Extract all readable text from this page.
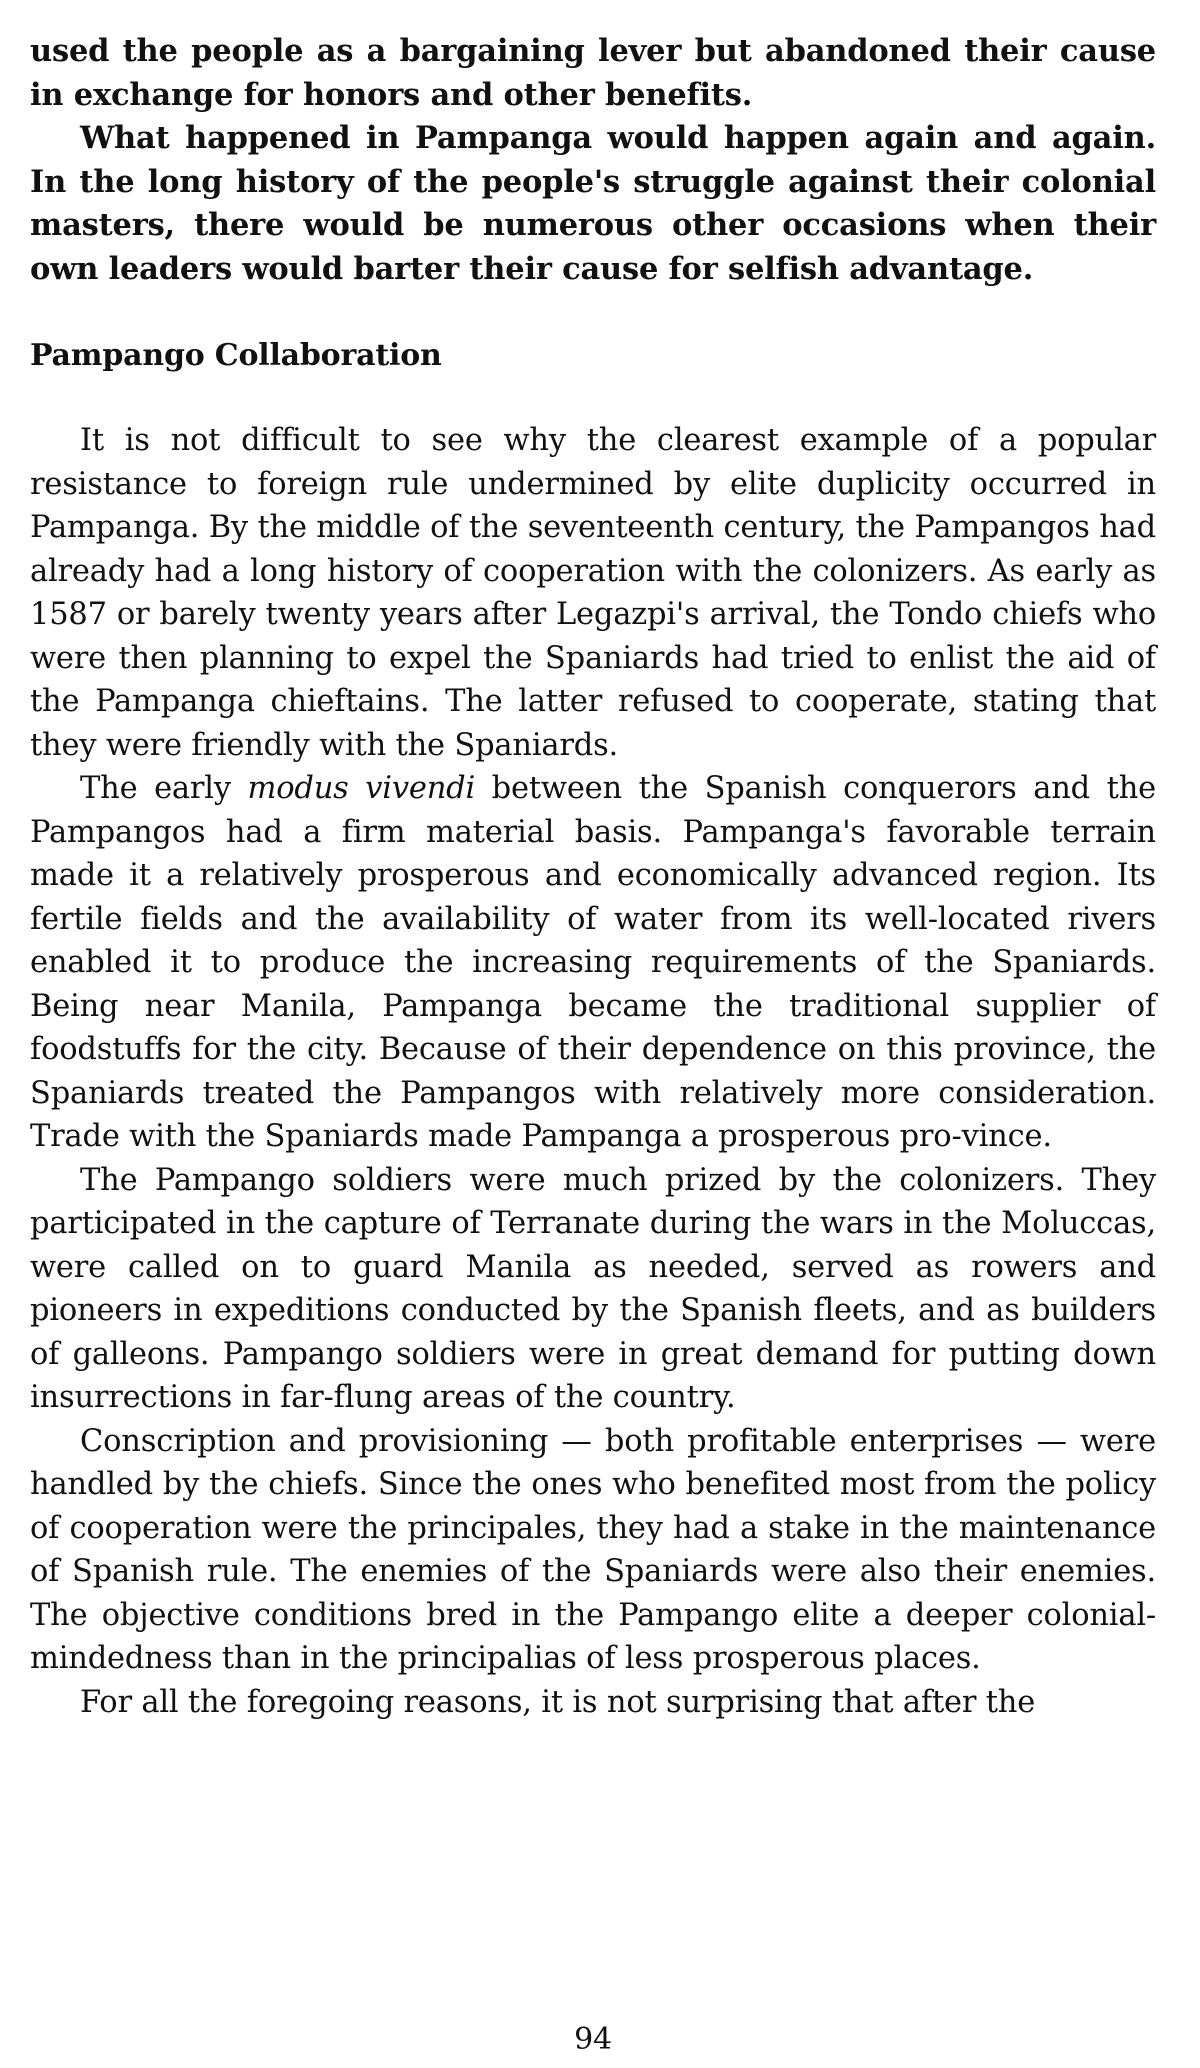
used the people as a bargaining lever but abandoned their cause in exchange for honors and other benefits.

What happened in Pampanga would happen again and again. In the long history of the people's struggle against their colonial masters, there would be numerous other occasions when their own leaders would barter their cause for selfish advantage.

Pampango Collaboration

It is not difficult to see why the clearest example of a popular resistance to foreign rule undermined by elite duplicity occurred in Pampanga. By the middle of the seventeenth century, the Pampangos had already had a long history of cooperation with the colonizers. As early as 1587 or barely twenty years after Legazpi's arrival, the Tondo chiefs who were then planning to expel the Spaniards had tried to enlist the aid of the Pampanga chieftains. The latter refused to cooperate, stating that they were friendly with the Spaniards.

The early modus vivendi between the Spanish conquerors and the Pampangos had a firm material basis. Pampanga's favorable terrain made it a relatively prosperous and economically advanced region. Its fertile fields and the availability of water from its well-located rivers enabled it to produce the increasing requirements of the Spaniards. Being near Manila, Pampanga became the traditional supplier of foodstuffs for the city. Because of their dependence on this province, the Spaniards treated the Pampangos with relatively more consideration. Trade with the Spaniards made Pampanga a prosperous pro-vince.

The Pampango soldiers were much prized by the colonizers. They participated in the capture of Terranate during the wars in the Moluccas, were called on to guard Manila as needed, served as rowers and pioneers in expeditions conducted by the Spanish fleets, and as builders of galleons. Pampango soldiers were in great demand for putting down insurrections in far-flung areas of the country.

Conscription and provisioning — both profitable enterprises — were handled by the chiefs. Since the ones who benefited most from the policy of cooperation were the principales, they had a stake in the maintenance of Spanish rule. The enemies of the Spaniards were also their enemies. The objective conditions bred in the Pampango elite a deeper colonial-mindedness than in the principalias of less prosperous places.

For all the foregoing reasons, it is not surprising that after the

94
